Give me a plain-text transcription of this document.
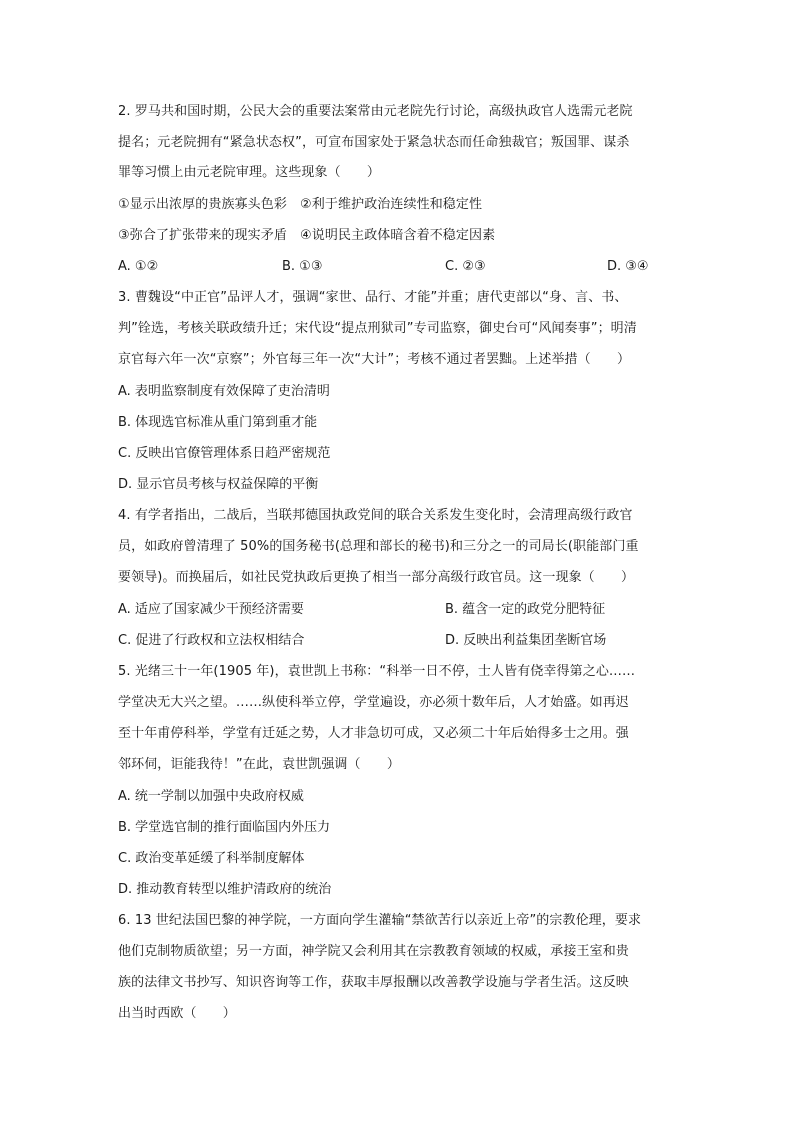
2. 罗马共和国时期，公民大会的重要法案常由元老院先行讨论，高级执政官人选需元老院
提名；元老院拥有“紧急状态权”，可宣布国家处于紧急状态而任命独裁官；叛国罪、谋杀
罪等习惯上由元老院审理。这些现象（　　）
①显示出浓厚的贵族寡头色彩　②利于维护政治连续性和稳定性
③弥合了扩张带来的现实矛盾　④说明民主政体暗含着不稳定因素
A. ①②	B. ①③	C. ②③	D. ③④
3. 曹魏设“中正官”品评人才，强调“家世、品行、才能”并重；唐代吏部以“身、言、书、
判”铨选，考核关联政绩升迁；宋代设“提点刑狱司”专司监察，御史台可“风闻奏事”；明清
京官每六年一次“京察”；外官每三年一次“大计”；考核不通过者罢黜。上述举措（　　）
A. 表明监察制度有效保障了吏治清明
B. 体现选官标准从重门第到重才能
C. 反映出官僚管理体系日趋严密规范
D. 显示官员考核与权益保障的平衡
4. 有学者指出，二战后，当联邦德国执政党间的联合关系发生变化时，会清理高级行政官
员，如政府曾清理了 50%的国务秘书(总理和部长的秘书)和三分之一的司局长(职能部门重
要领导)。而换届后，如社民党执政后更换了相当一部分高级行政官员。这一现象（　　）
A. 适应了国家减少干预经济需要	B. 蕴含一定的政党分肥特征
C. 促进了行政权和立法权相结合	D. 反映出利益集团垄断官场
5. 光绪三十一年(1905 年)，袁世凯上书称：“科举一日不停，士人皆有侥幸得第之心……
学堂决无大兴之望。……纵使科举立停，学堂遍设，亦必须十数年后，人才始盛。如再迟
至十年甫停科举，学堂有迁延之势，人才非急切可成，又必须二十年后始得多士之用。强
邻环伺，讵能我待！”在此，袁世凯强调（　　）
A. 统一学制以加强中央政府权威
B. 学堂选官制的推行面临国内外压力
C. 政治变革延缓了科举制度解体
D. 推动教育转型以维护清政府的统治
6. 13 世纪法国巴黎的神学院，一方面向学生灌输“禁欲苦行以亲近上帝”的宗教伦理，要求
他们克制物质欲望；另一方面，神学院又会利用其在宗教教育领域的权威，承接王室和贵
族的法律文书抄写、知识咨询等工作，获取丰厚报酬以改善教学设施与学者生活。这反映
出当时西欧（　　）
